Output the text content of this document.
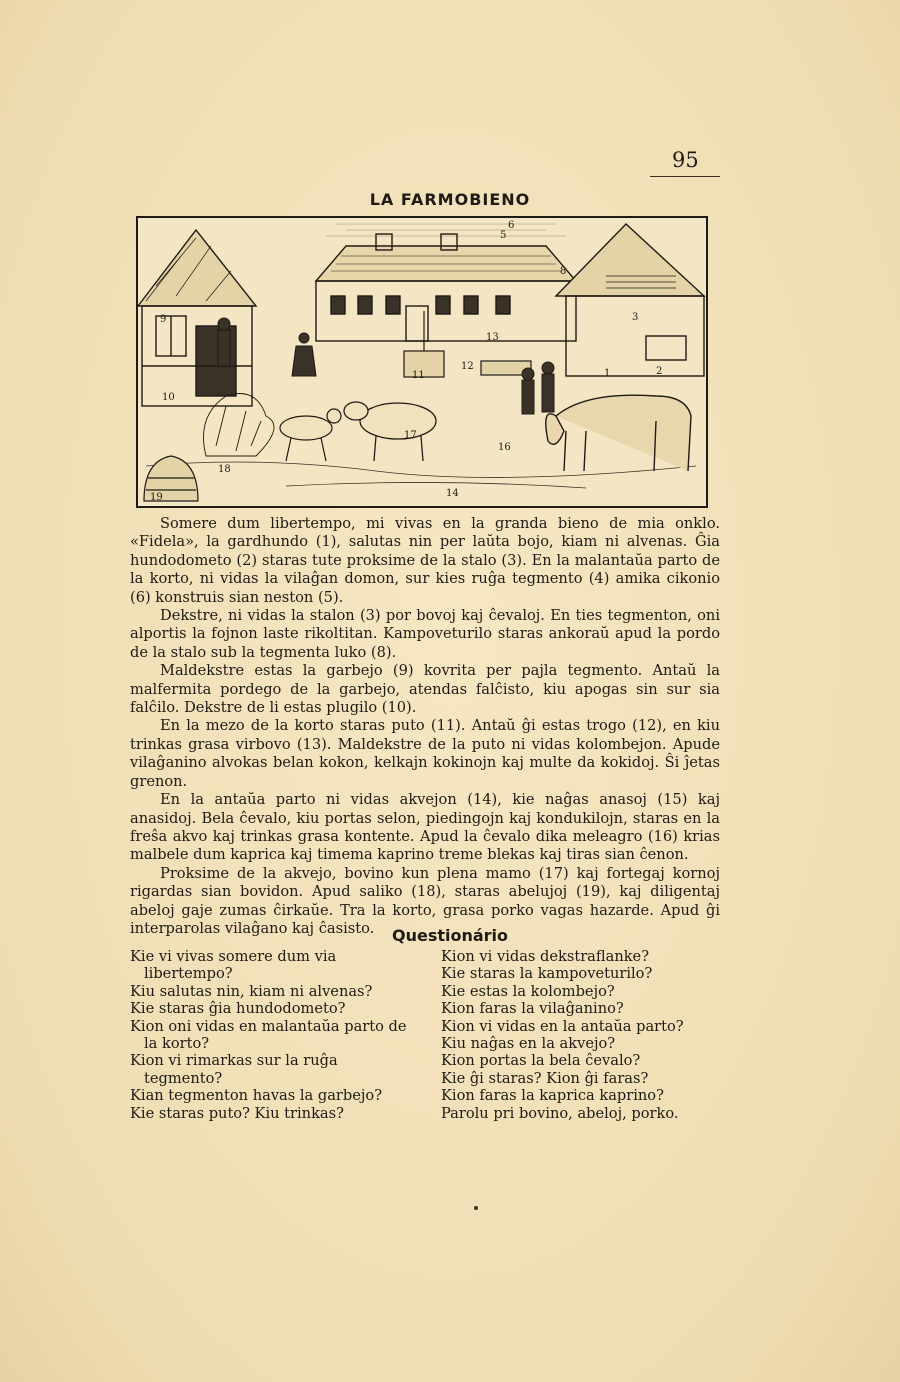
95
LA FARMOBIENO
1	2
3
5
6
8
9
10
11
12
13
14
16
17
18
19

Somere dum libertempo, mi vivas en la granda bieno de mia onklo. «Fidela», la gardhundo (1), salutas nin per laŭta bojo, kiam ni alvenas. Ĝia hundodometo (2) staras tute proksime de la stalo (3). En la malantaŭa parto de la korto, ni vidas la vilaĝan domon, sur kies ruĝa tegmento (4) amika cikonio (6) konstruis sian neston (5).

Dekstre, ni vidas la stalon (3) por bovoj kaj ĉevaloj. En ties tegmenton, oni alportis la fojnon laste rikoltitan. Kampoveturilo staras ankoraŭ apud la pordo de la stalo sub la tegmenta luko (8).

Maldekstre estas la garbejo (9) kovrita per pajla tegmento. Antaŭ la malfermita pordego de la garbejo, atendas falĉisto, kiu apogas sin sur sia falĉilo. Dekstre de li estas plugilo (10).

En la mezo de la korto staras puto (11). Antaŭ ĝi estas trogo (12), en kiu trinkas grasa virbovo (13). Maldekstre de la puto ni vidas kolombejon. Apude vilaĝanino alvokas belan kokon, kelkajn kokinojn kaj multe da kokidoj. Ŝi ĵetas grenon.

En la antaŭa parto ni vidas akvejon (14), kie naĝas anasoj (15) kaj anasidoj. Bela ĉevalo, kiu portas selon, piedingojn kaj kondukilojn, staras en la freŝa akvo kaj trinkas grasa kontente. Apud la ĉevalo dika meleagro (16) krias malbele dum kaprica kaj timema kaprino treme blekas kaj tiras sian ĉenon.

Proksime de la akvejo, bovino kun plena mamo (17) kaj fortegaj kornoj rigardas sian bovidon. Apud saliko (18), staras abelujoj (19), kaj diligentaj abeloj gaje zumas ĉirkaŭe. Tra la korto, grasa porko vagas hazarde. Apud ĝi interparolas vilaĝano kaj ĉasisto.	Questionário
Kie vi vivas somere dum via libertempo?
Kiu salutas nin, kiam ni alvenas?
Kie staras ĝia hundodometo?
Kion oni vidas en malantaŭa parto de la korto?
Kion vi rimarkas sur la ruĝa tegmento?
Kian tegmenton havas la garbejo?
Kie staras puto? Kiu trinkas?
Kion vi vidas dekstraflanke?
Kie staras la kampoveturilo?
Kie estas la kolombejo?
Kion faras la vilaĝanino?
Kion vi vidas en la antaŭa parto?
Kiu naĝas en la akvejo?
Kion portas la bela ĉevalo?
Kie ĝi staras? Kion ĝi faras?
Kion faras la kaprica kaprino?
Parolu pri bovino, abeloj, porko.
